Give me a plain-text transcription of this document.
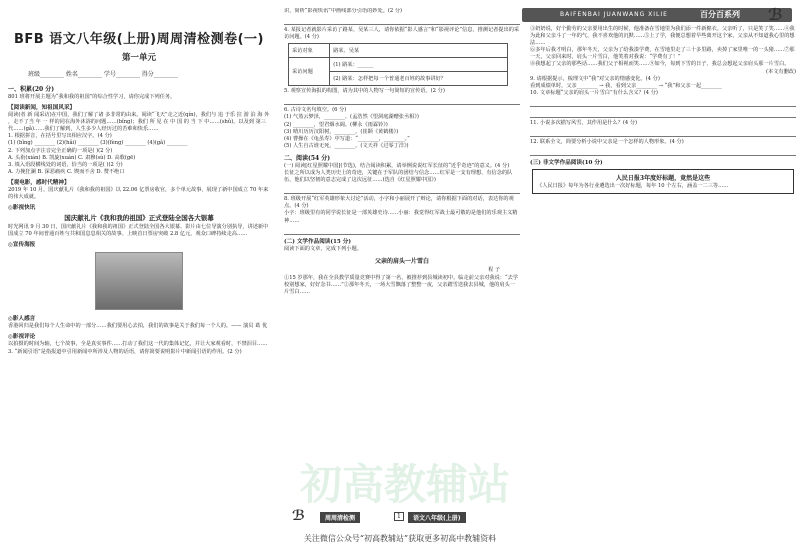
BAIFENBAI JUANWANG XILIE	百分百系列 ℬ

BFB 语文八年级(上册)周周清检测卷(一)

第一单元

班级________ 姓名________ 学号________ 得分________

一、积累(20 分)

801 班将开展主题为“我和我的祖国”的综合性学习，请你完成下列任务。

【阅读新闻，知祖国风采】

阅读(者 新 闻采访)在中国，我们了解了诸 多非常的由来。阅读“飞天”走之近(qín)，我们与 追 于乐 拉 游 泊 海 外 ，走不了当 年 一 样的同在海外沐浴的问题……(bǐng)；我们 所 见 在 中 国 的 当 下 中……(shǔ)。以及到 第三代……(gǎ)……我们了解到，人生多少人经历过的苦难和快乐……

1. 根据拼音，在括号里写出相应汉字。(4 分)

(1) (bǐng) ________ (2)(hǎi) ________ (3)(fèng) ________ (4)(gǎ) ________

2. 下列加点字注音完全正确的一项是( )(2 分)

A. 头衔(xián) B. 凯旋(xuán) C. 肃穆(sù) D. 高歌(gē)

3. 填入语段横线处的词语，恰当的一项是( )(2 分)

A. 力挽狂澜 B. 深恶痛疾 C. 锲而不舍 D. 赞不绝口

【观电影，感时代精神】

2019 年 10 月，国庆献礼片《我和我的祖国》以 22.06 亿票房收官，多个单元故事，展现了新中国成立 70 年来的伟大成就。

◎影视快讯

国庆献礼片《我和我的祖国》正式登陆全国各大银幕

时光网讯 9 月 30 日，国庆献礼片《我和我的祖国》正式登陆全国各大银幕。影片由七位导演分别执导，讲述新中国成立 70 年间普通百姓与共和国息息相关的故事。上映首日票房突破 2.8 亿元，观众口碑持续走高……

◎宣传海报

◎影人感言

香港回归是我们每个人生命中的一部分……我们要用心去拍，我们的故事是关于我们每一个人的。—— 演员 葛 优

◎影视评论

以拍摄的时间为轴，七个故事，全是真实事件……打动了我们这一代的集体记忆，并让大家观看时，不禁泪目……

3. “新闻引语”是指报道中引用新闻中所涉及人物的话语，请你简要说明影片中新闻引语的作用。(2 分)

识，简析“影视快讯”中画线部分引语的妙处。(2 分)

4. 某报记者就影片采访了路某、吴某三人，请你依据“影人感言”和“影视评论”信息，推测记者提出的采访问题。(4 分)

采访对象	路某、吴某
采访问题	(1) 路某：______
	(2) 路某：怎样把每一个普通老百姓的故事讲好？

5. 观察宣传海报的构图，请为其中的人物写一句简短的宣传语。(2 分)

6. 古诗文名句填空。(6 分)

(1) 气蒸云梦泽，________。(孟浩然《望洞庭湖赠张丞相》)

(2) ________，望君烟水阔。(柳永《雨霖铃》)

(3) 晴川历历汉阳树，________。(崔颢《黄鹤楼》)

(4) 曹操在《龟虽寿》中写道：“________，________。”

(5) 人生自古谁无死，________。(文天祥《过零丁洋》)

二、阅读(54 分)

(一) 阅读[红星照耀中国](节选)，结合阅读积累，请举例说说红军长征的“近乎奇迹”的意义。(4 分)

长征之所以成为人类历史上的奇迹，关键在于军队的团结与信念……红军是一支有理想、有信念的队伍，他们以坚韧的意志完成了这次远征……(选自《红星照耀中国》)

8. 班级开展“红军英雄形象大讨论”活动，小字和小丽展开了辩论，请你根据下面的对话，表达你的观点。(4 分)

小字：班级里有的同学说长征是一部英雄史诗……小丽：我觉得红军战士最可敬的是他们的乐观主义精神……

(二) 文学作品阅读(15 分)

阅读下面的文章，完成下列小题。

父亲的肩头一片雪白

程 子

①15 岁那年，我在全县教学质量竞赛中得了第一名，被推荐到县城读初中。临走前父亲对我说：“去学校别想家，好好念书……”②那年冬天，一场大雪飘落了整整一夜，父亲踏雪送我去县城，他的肩头一片雪白……

③奶奶说，好个勤劳的父亲要用出生的时候，他准备在雪地里为我们添一件新棉衣。父亲听了，只是笑了笑……④我为此和父亲斗了一年的气，我不喜欢他的沉默……⑤上了学，我便总想着早些离开这个家，父亲从不知道我心里的想法……

⑥多年后我才明白，那年冬天，父亲为了给我凑学费，在雪地里走了三十多里路，卖掉了家里唯一的一头猪……⑦那一天，父亲回来时，肩头一片雪白，他笑着对我说：“学费有了！”

⑧我想起了父亲的那些话……我们父子相视而笑……⑨如今，每到下雪的日子，我总会想起父亲肩头那一片雪白。

(本文有删改)

9. 请根据提示，梳理文中“我”对父亲的情感变化。(4 分)

看到成绩单时，父亲________ → 我，看到父亲________ → “我”和父亲一起________

10. 文章标题“父亲的肩头一片雪白”有什么含义？(4 分)

11. 小说多次描写风雪，其作用是什么？(4 分)

12. 联系全文，简要分析小说中父亲是一个怎样的人物形象。(4 分)

(三) 非文学作品阅读(10 分)

人民日报3年度好标题，竟然是这些

《人民日报》每年为各行业遴选出一次好标题，每年 10 个左右，涵盖一二三等……

初高教辅站
ℬ	周周清检测	1	语文八年级(上册)
关注微信公众号“初高教辅站”获取更多初高中教辅资料
